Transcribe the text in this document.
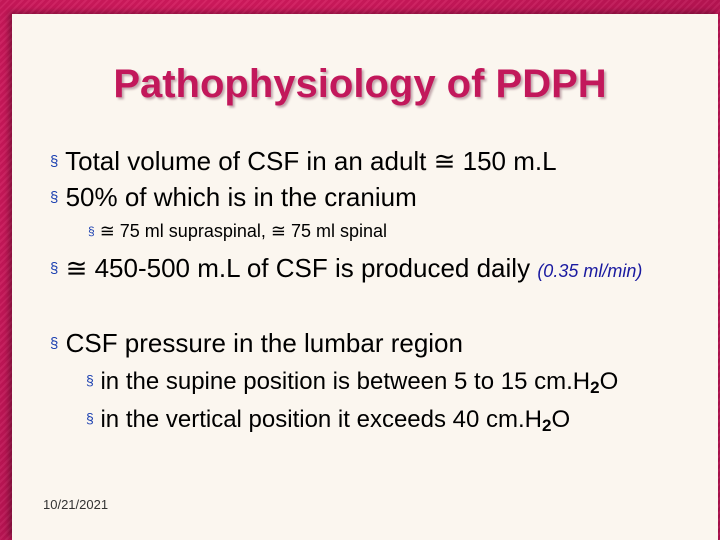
Pathophysiology of PDPH
§ Total volume of CSF in an adult ≅ 150 m.L
§ 50% of which is in the cranium
§ ≅ 75 ml supraspinal, ≅ 75 ml spinal
§ ≅ 450-500 m.L of CSF is produced daily (0.35 ml/min)
§ CSF pressure in the lumbar region
§ in the supine position is between 5 to 15 $cm.H_2O$
§ in the vertical position it exceeds 40 $cm.H_2O$
10/21/2021
